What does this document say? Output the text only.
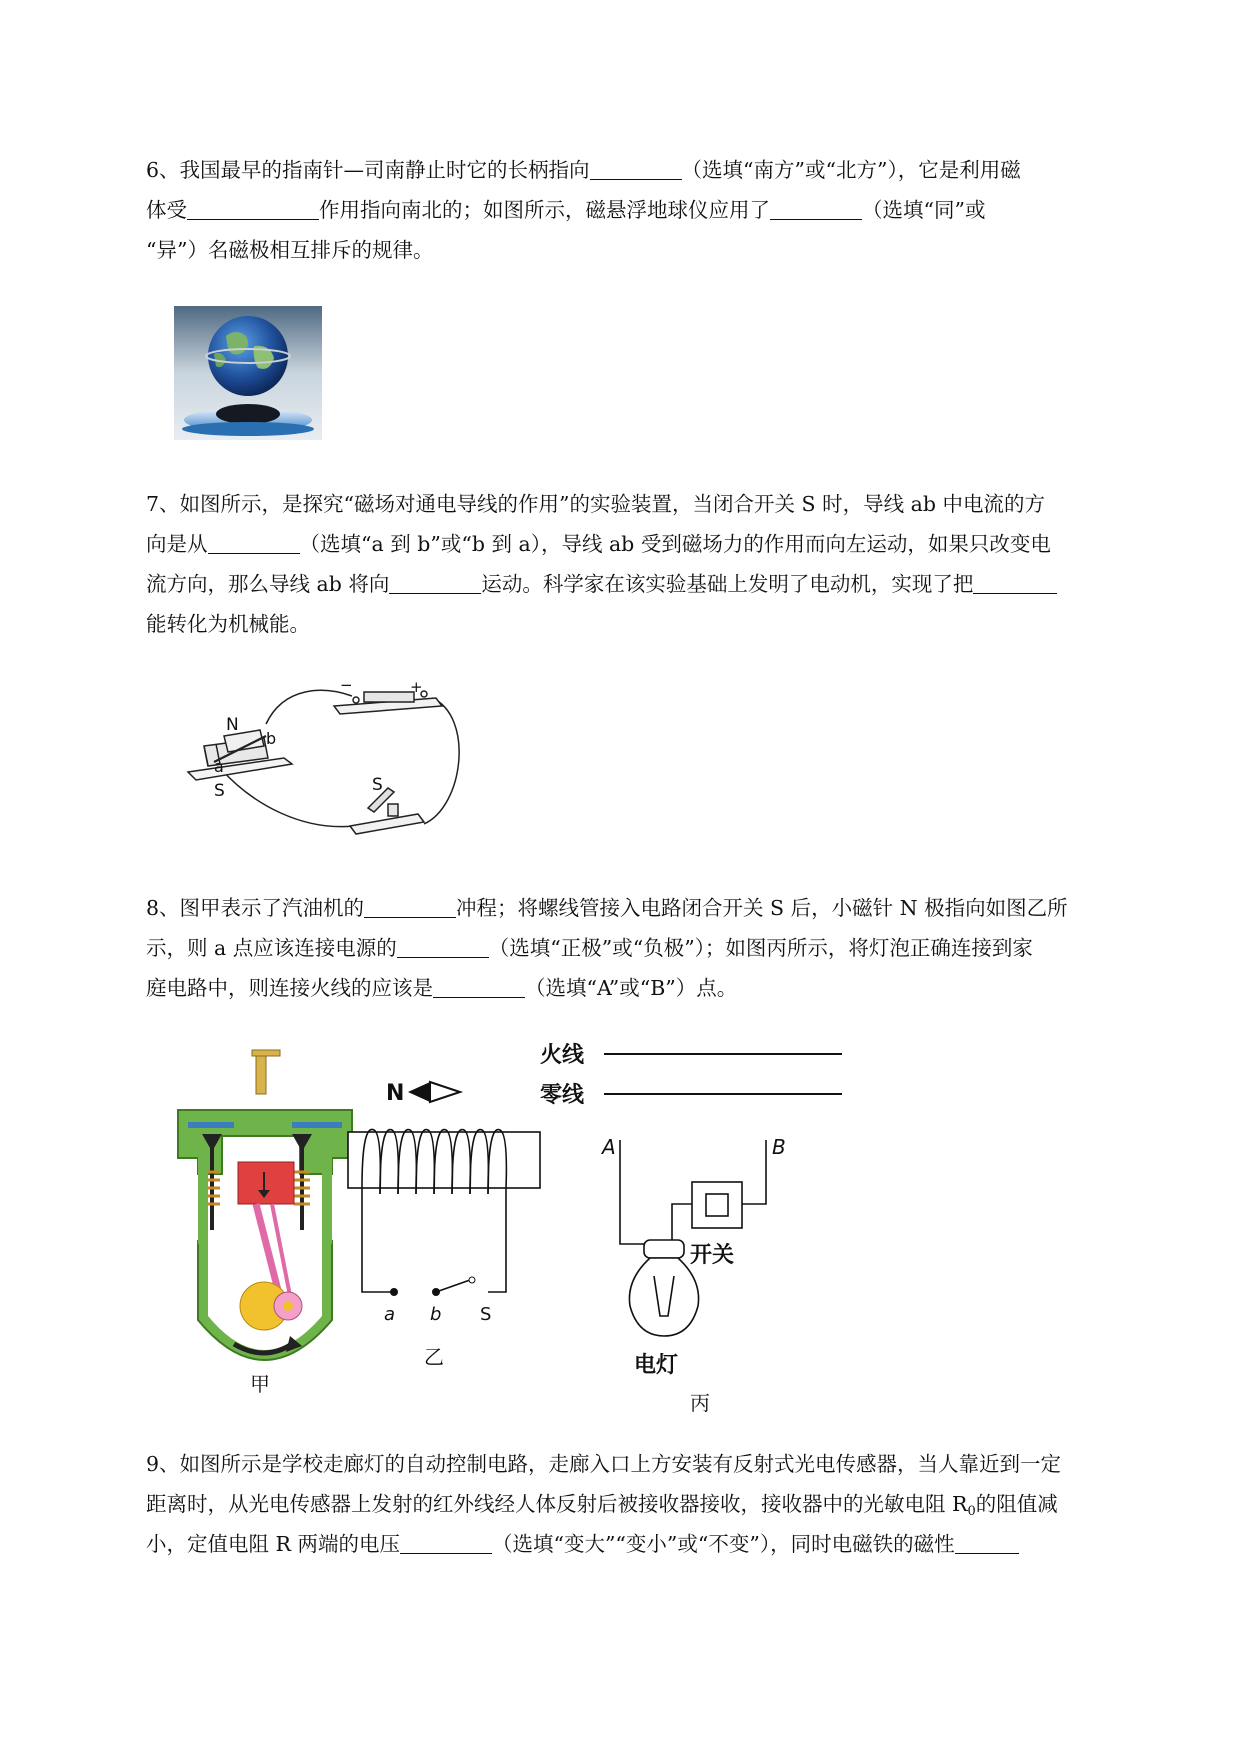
6、我国最早的指南针—司南静止时它的长柄指向	（选填“南方”或“北方”），它是利用磁
体受	作用指向南北的；如图所示，磁悬浮地球仪应用了	（选填“同”或
“异”）名磁极相互排斥的规律。
7、如图所示，是探究“磁场对通电导线的作用”的实验装置，当闭合开关 S 时，导线 ab 中电流的方
向是从	（选填“a 到 b”或“b 到 a），导线 ab 受到磁场力的作用而向左运动，如果只改变电
流方向，那么导线 ab 将向	运动。科学家在该实验基础上发明了电动机，实现了把
能转化为机械能。
N
b
a
S	S
−	+
8、图甲表示了汽油机的	冲程；将螺线管接入电路闭合开关 S 后，小磁针 N 极指向如图乙所
示，则 a 点应该连接电源的	（选填“正极”或“负极”）；如图丙所示，将灯泡正确连接到家
庭电路中，则连接火线的应该是	（选填“A”或“B”）点。
甲
N
a b S
乙
火线
零线
A	B
开关
电灯
丙
9、如图所示是学校走廊灯的自动控制电路，走廊入口上方安装有反射式光电传感器，当人靠近到一定
距离时，从光电传感器上发射的红外线经人体反射后被接收器接收，接收器中的光敏电阻 $R_0$的阻值减
小，定值电阻 R 两端的电压	（选填“变大”“变小”或“不变”），同时电磁铁的磁性
